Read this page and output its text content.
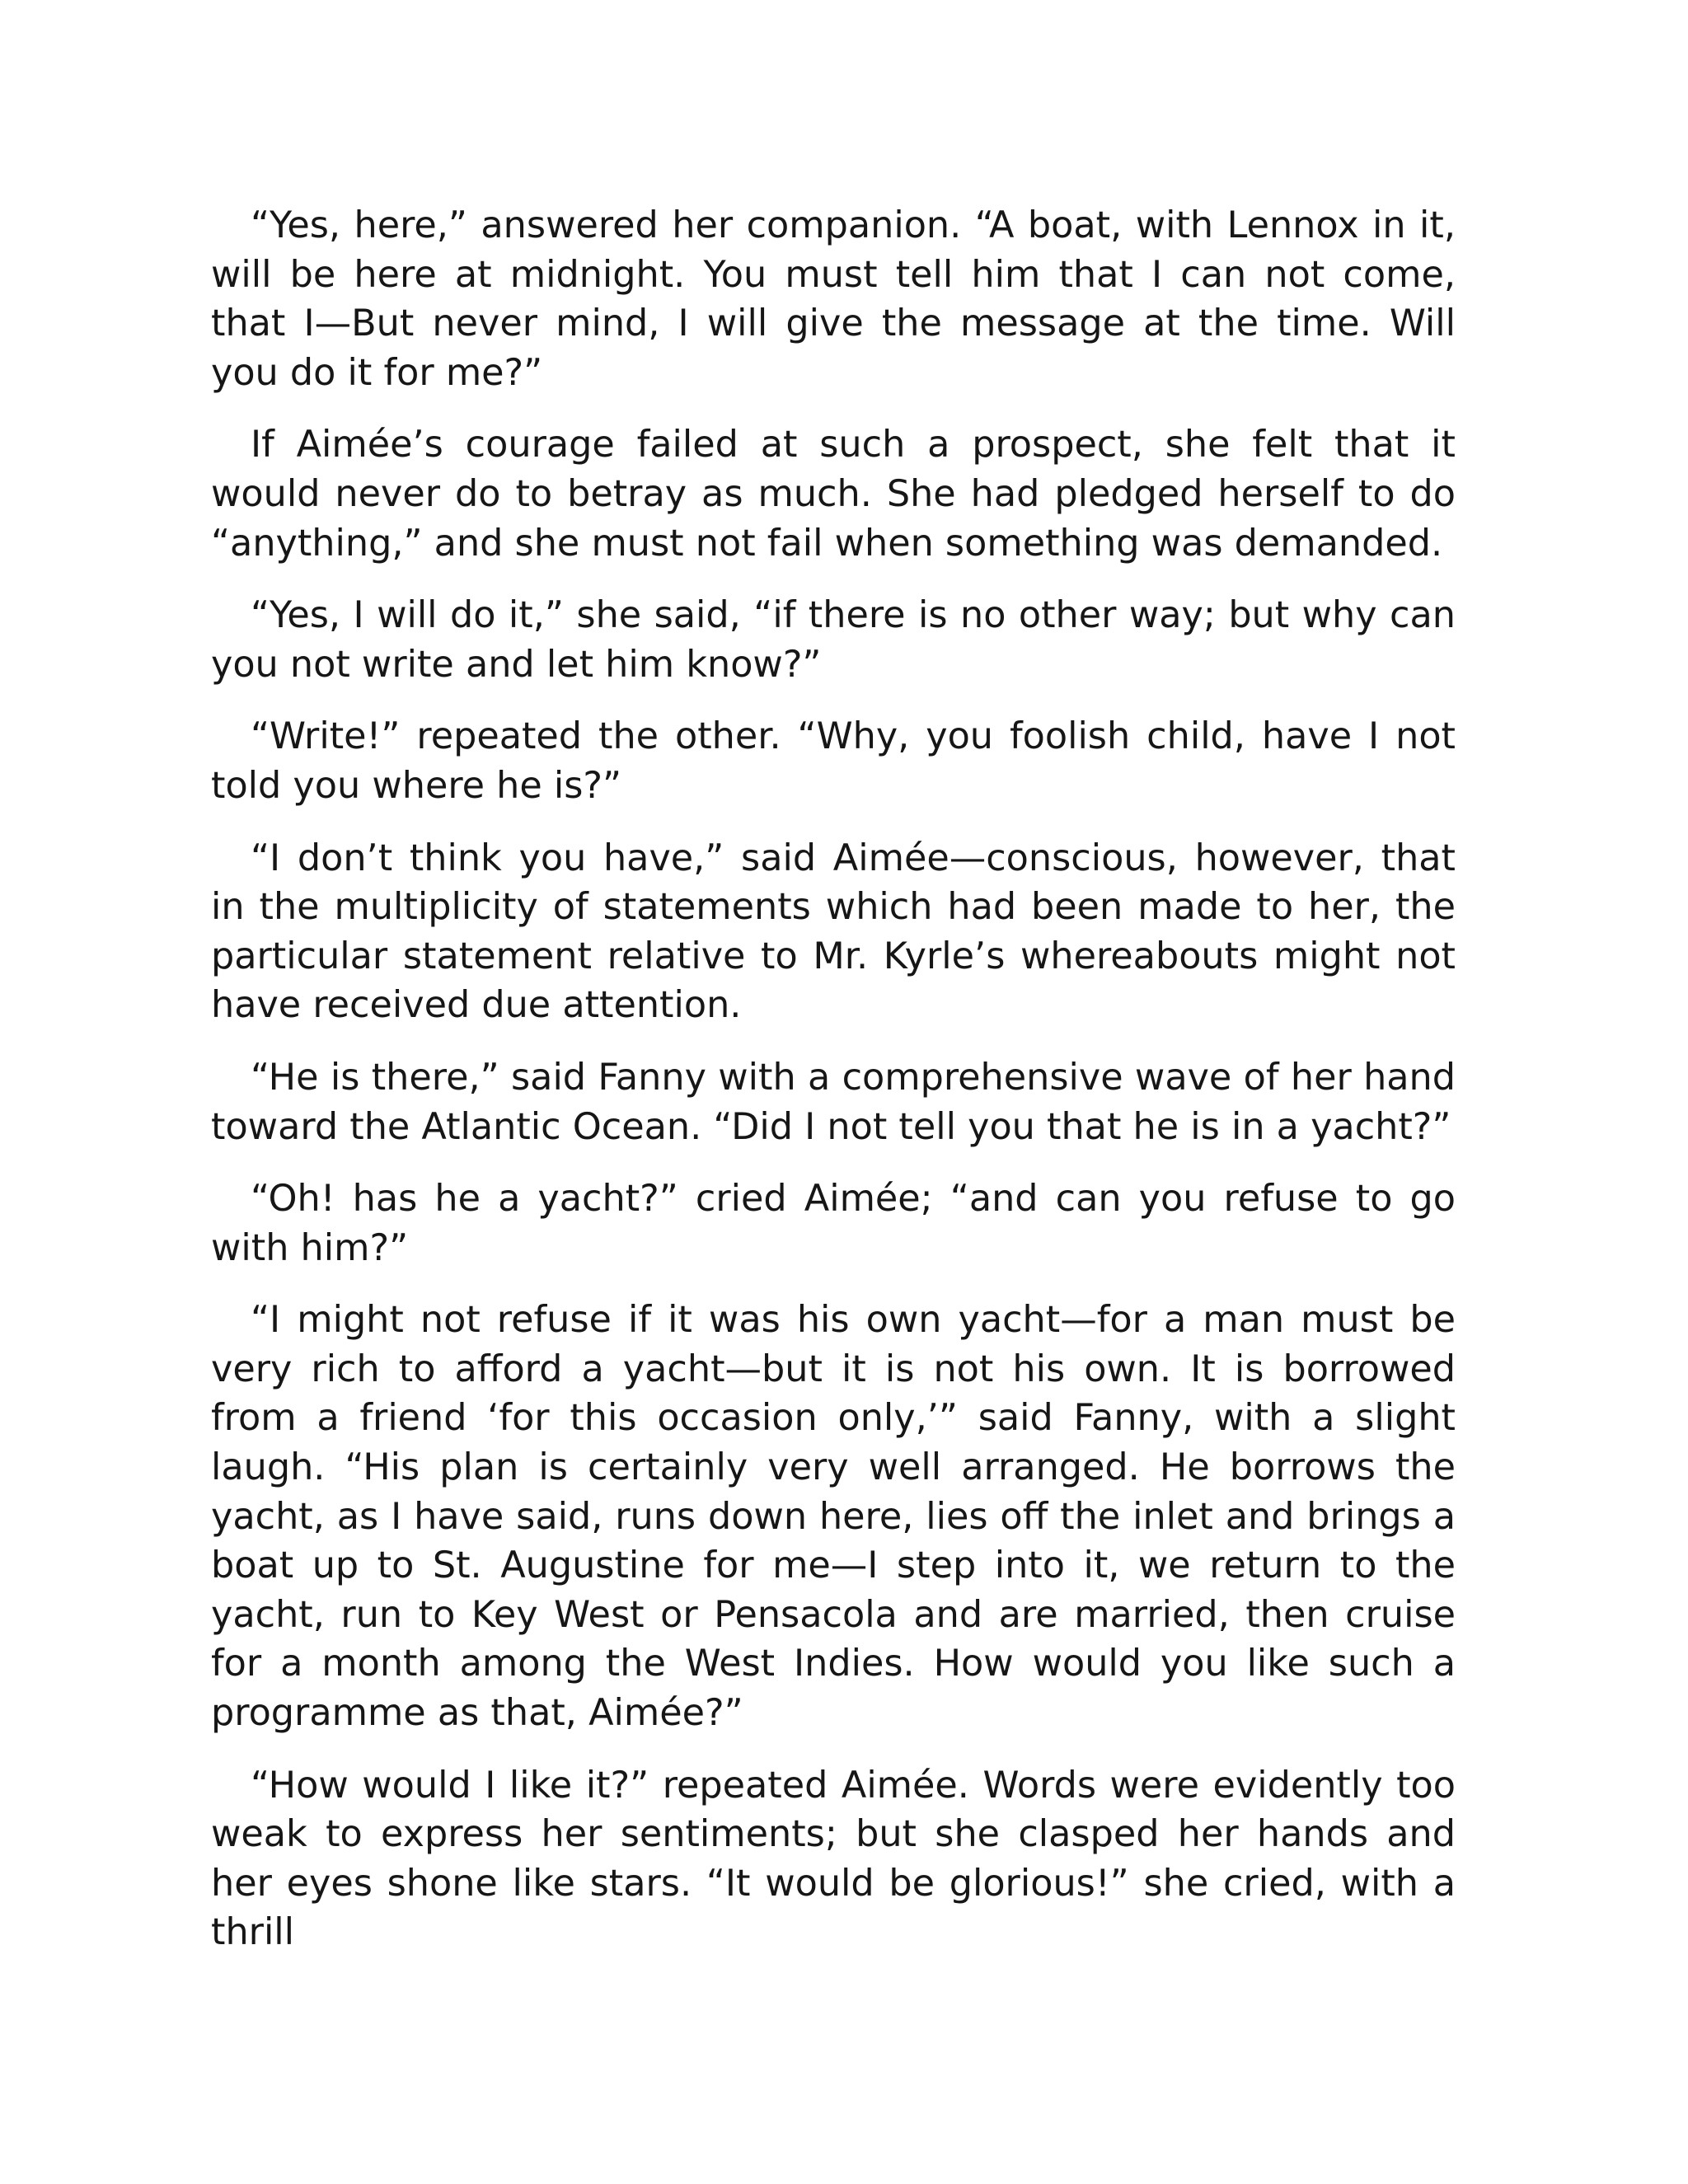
“Yes, here,” answered her companion. “A boat, with Lennox in it, will be here at midnight. You must tell him that I can not come, that I—But never mind, I will give the message at the time. Will you do it for me?”

If Aimée’s courage failed at such a prospect, she felt that it would never do to betray as much. She had pledged herself to do “anything,” and she must not fail when something was demanded.

“Yes, I will do it,” she said, “if there is no other way; but why can you not write and let him know?”

“Write!” repeated the other. “Why, you foolish child, have I not told you where he is?”

“I don’t think you have,” said Aimée—conscious, however, that in the multiplicity of statements which had been made to her, the particular statement relative to Mr. Kyrle’s whereabouts might not have received due attention.

“He is there,” said Fanny with a comprehensive wave of her hand toward the Atlantic Ocean. “Did I not tell you that he is in a yacht?”

“Oh! has he a yacht?” cried Aimée; “and can you refuse to go with him?”

“I might not refuse if it was his own yacht—for a man must be very rich to afford a yacht—but it is not his own. It is borrowed from a friend ‘for this occasion only,’” said Fanny, with a slight laugh. “His plan is certainly very well arranged. He borrows the yacht, as I have said, runs down here, lies off the inlet and brings a boat up to St. Augustine for me—I step into it, we return to the yacht, run to Key West or Pensacola and are married, then cruise for a month among the West Indies. How would you like such a programme as that, Aimée?”

“How would I like it?” repeated Aimée. Words were evidently too weak to express her sentiments; but she clasped her hands and her eyes shone like stars. “It would be glorious!” she cried, with a thrill
